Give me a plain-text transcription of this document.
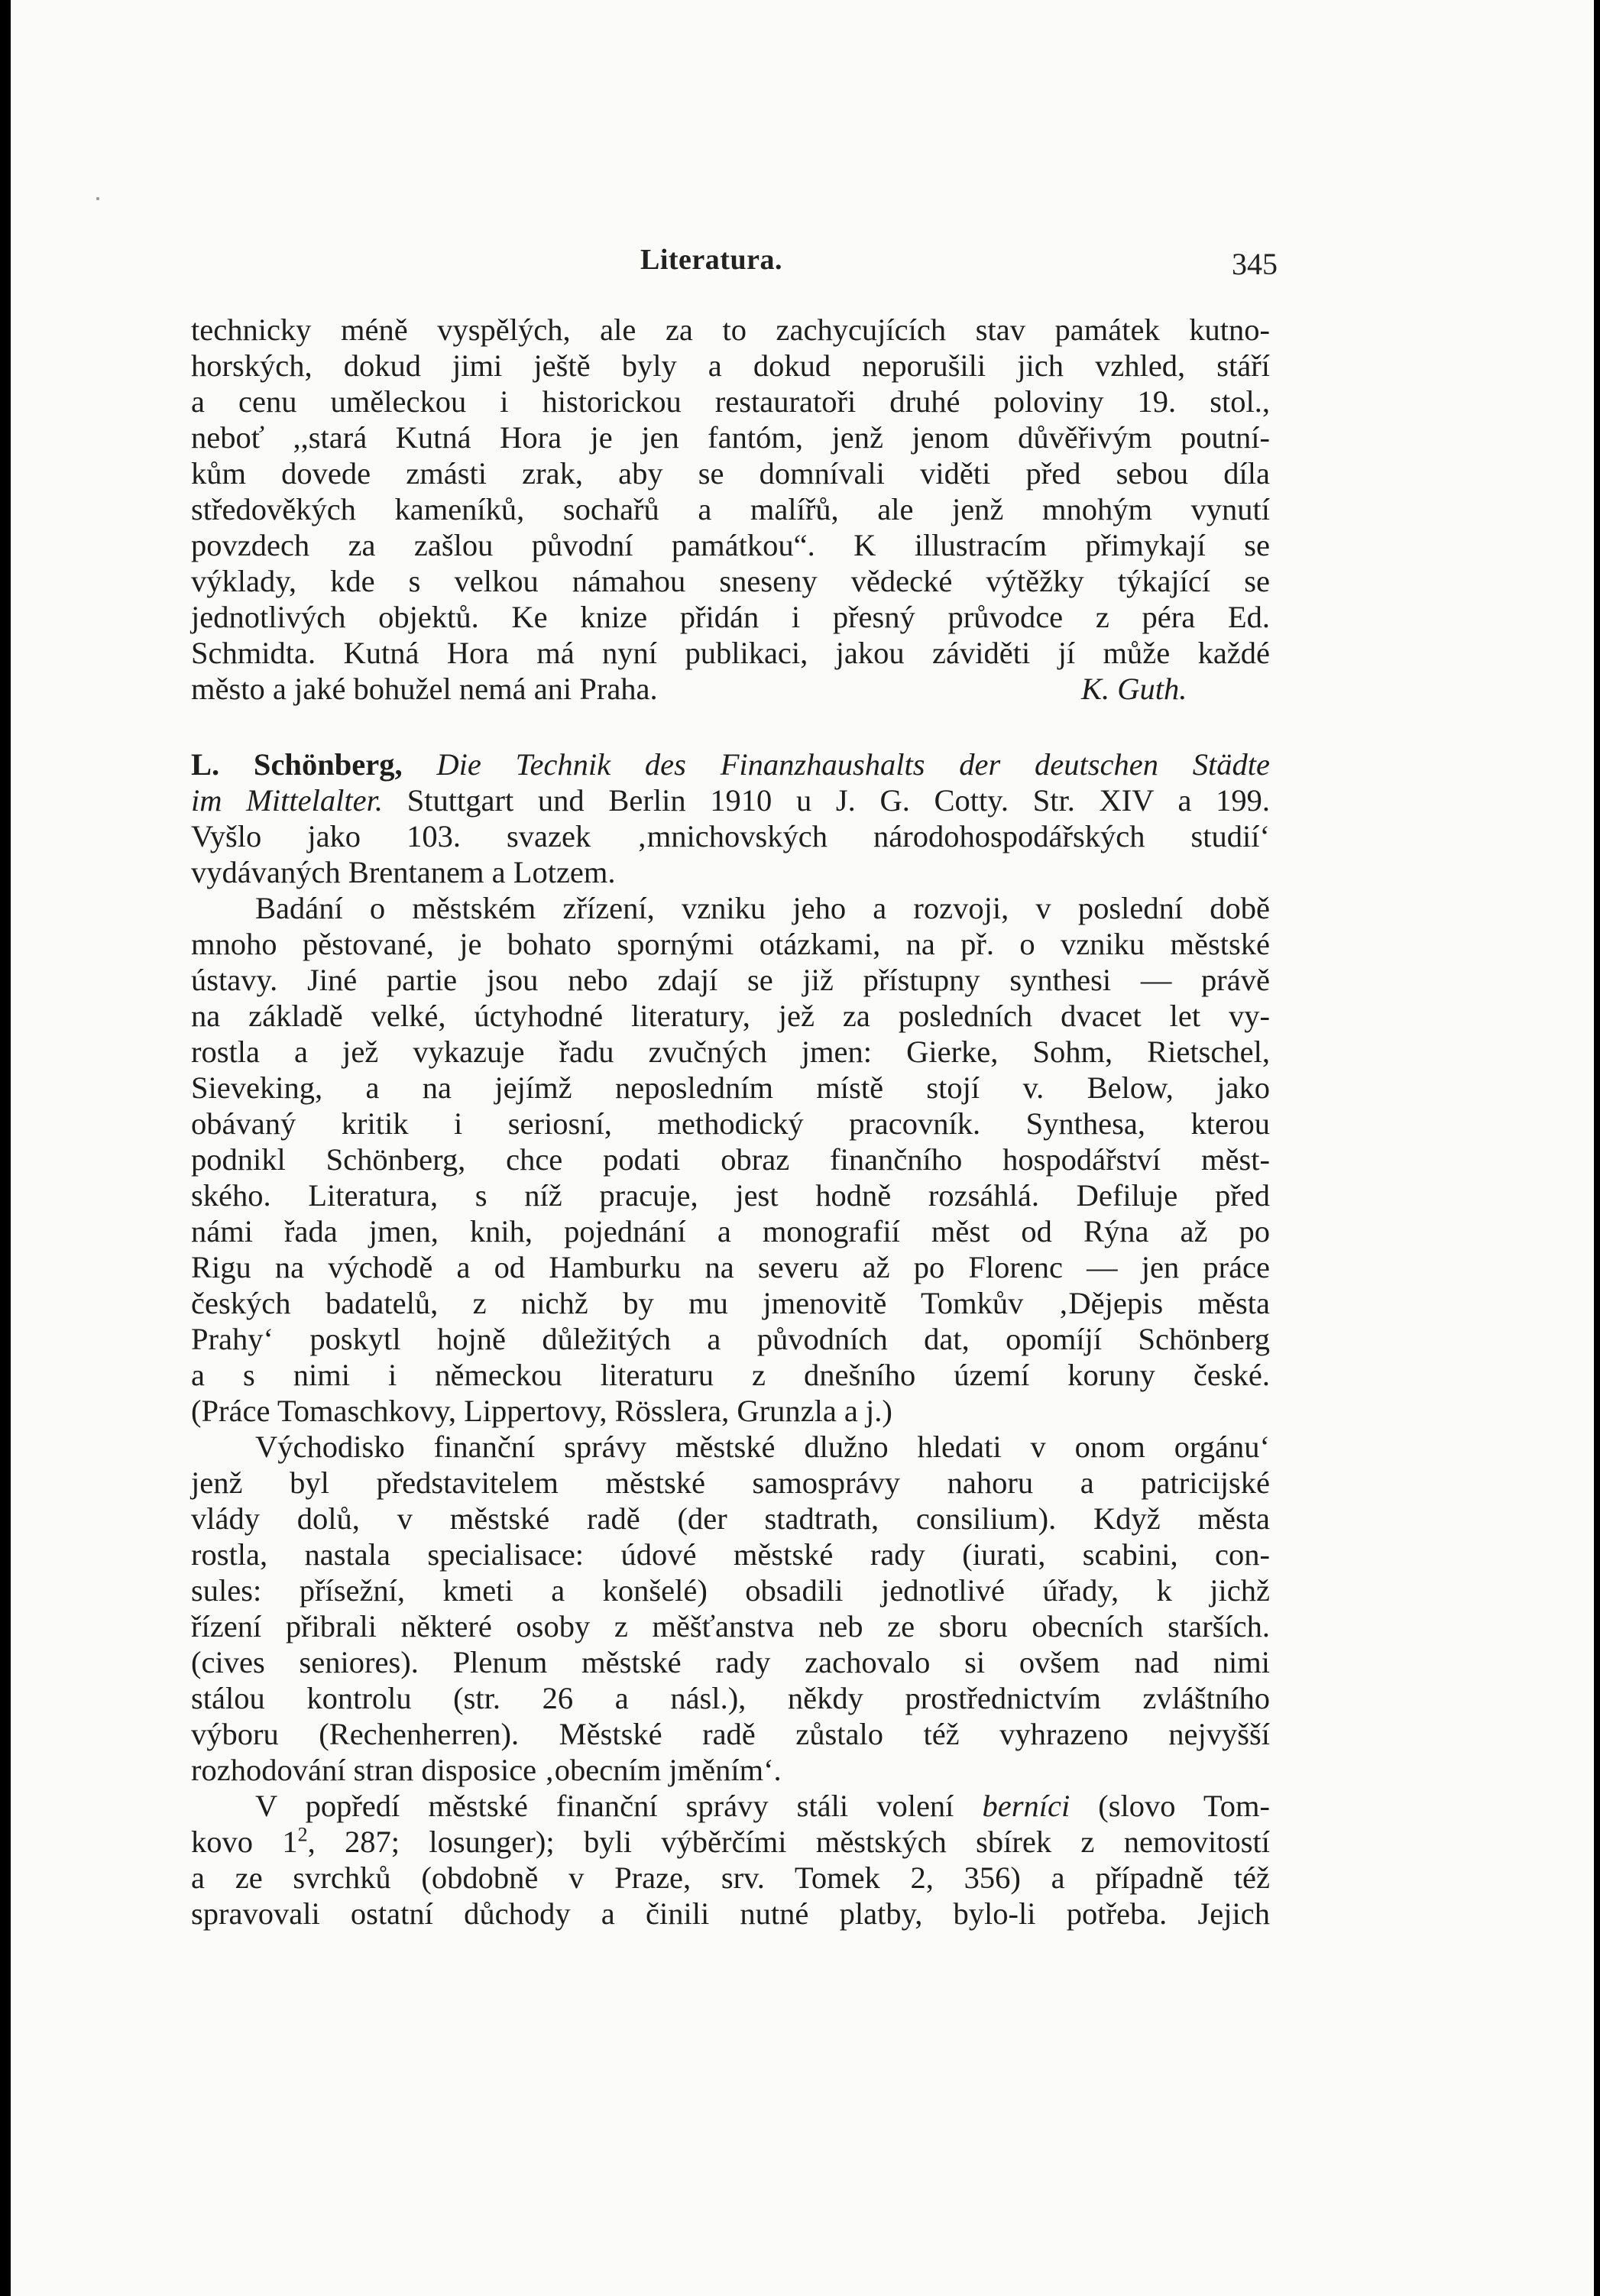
Literatura.	345
technicky méně vyspělých, ale za to zachycujících stav památek kutno-
horských, dokud jimi ještě byly a dokud neporušili jich vzhled, stáří
a cenu uměleckou i historickou restauratoři druhé poloviny 19. stol.,
neboť ,,stará Kutná Hora je jen fantóm, jenž jenom důvěřivým poutní-
kům dovede zmásti zrak, aby se domnívali viděti před sebou díla
středověkých kameníků, sochařů a malířů, ale jenž mnohým vynutí
povzdech za zašlou původní památkou“. K illustracím přimykají se
výklady, kde s velkou námahou sneseny vědecké výtěžky týkající se
jednotlivých objektů. Ke knize přidán i přesný průvodce z péra Ed.
Schmidta. Kutná Hora má nyní publikaci, jakou záviděti jí může každé
město a jaké bohužel nemá ani Praha.	K. Guth.
L. Schönberg, Die Technik des Finanzhaushalts der deutschen Städte
im Mittelalter. Stuttgart und Berlin 1910 u J. G. Cotty. Str. XIV a 199.
Vyšlo jako 103. svazek ‚mnichovských národohospodářských studií‘
vydávaných Brentanem a Lotzem.
Badání o městském zřízení, vzniku jeho a rozvoji, v poslední době
mnoho pěstované, je bohato spornými otázkami, na př. o vzniku městské
ústavy. Jiné partie jsou nebo zdají se již přístupny synthesi — právě
na základě velké, úctyhodné literatury, jež za posledních dvacet let vy-
rostla a jež vykazuje řadu zvučných jmen: Gierke, Sohm, Rietschel,
Sieveking, a na jejímž neposledním místě stojí v. Below, jako
obávaný kritik i seriosní, methodický pracovník. Synthesa, kterou
podnikl Schönberg, chce podati obraz finančního hospodářství měst-
ského. Literatura, s níž pracuje, jest hodně rozsáhlá. Defiluje před
námi řada jmen, knih, pojednání a monografií měst od Rýna až po
Rigu na východě a od Hamburku na severu až po Florenc — jen práce
českých badatelů, z nichž by mu jmenovitě Tomkův ‚Dějepis města
Prahy‘ poskytl hojně důležitých a původních dat, opomíjí Schönberg
a s nimi i německou literaturu z dnešního území koruny české.
(Práce Tomaschkovy, Lippertovy, Rösslera, Grunzla a j.)
Východisko finanční správy městské dlužno hledati v onom orgánu‘
jenž byl představitelem městské samosprávy nahoru a patricijské
vlády dolů, v městské radě (der stadtrath, consilium). Když města
rostla, nastala specialisace: údové městské rady (iurati, scabini, con-
sules: přísežní, kmeti a konšelé) obsadili jednotlivé úřady, k jichž
řízení přibrali některé osoby z měšťanstva neb ze sboru obecních starších.
(cives seniores). Plenum městské rady zachovalo si ovšem nad nimi
stálou kontrolu (str. 26 a násl.), někdy prostřednictvím zvláštního
výboru (Rechenherren). Městské radě zůstalo též vyhrazeno nejvyšší
rozhodování stran disposice ‚obecním jměním‘.
V popředí městské finanční správy stáli volení berníci (slovo Tom-
kovo $1^2$, 287; losunger); byli výběrčími městských sbírek z nemovitostí
a ze svrchků (obdobně v Praze, srv. Tomek 2, 356) a případně též
spravovali ostatní důchody a činili nutné platby, bylo-li potřeba. Jejich
